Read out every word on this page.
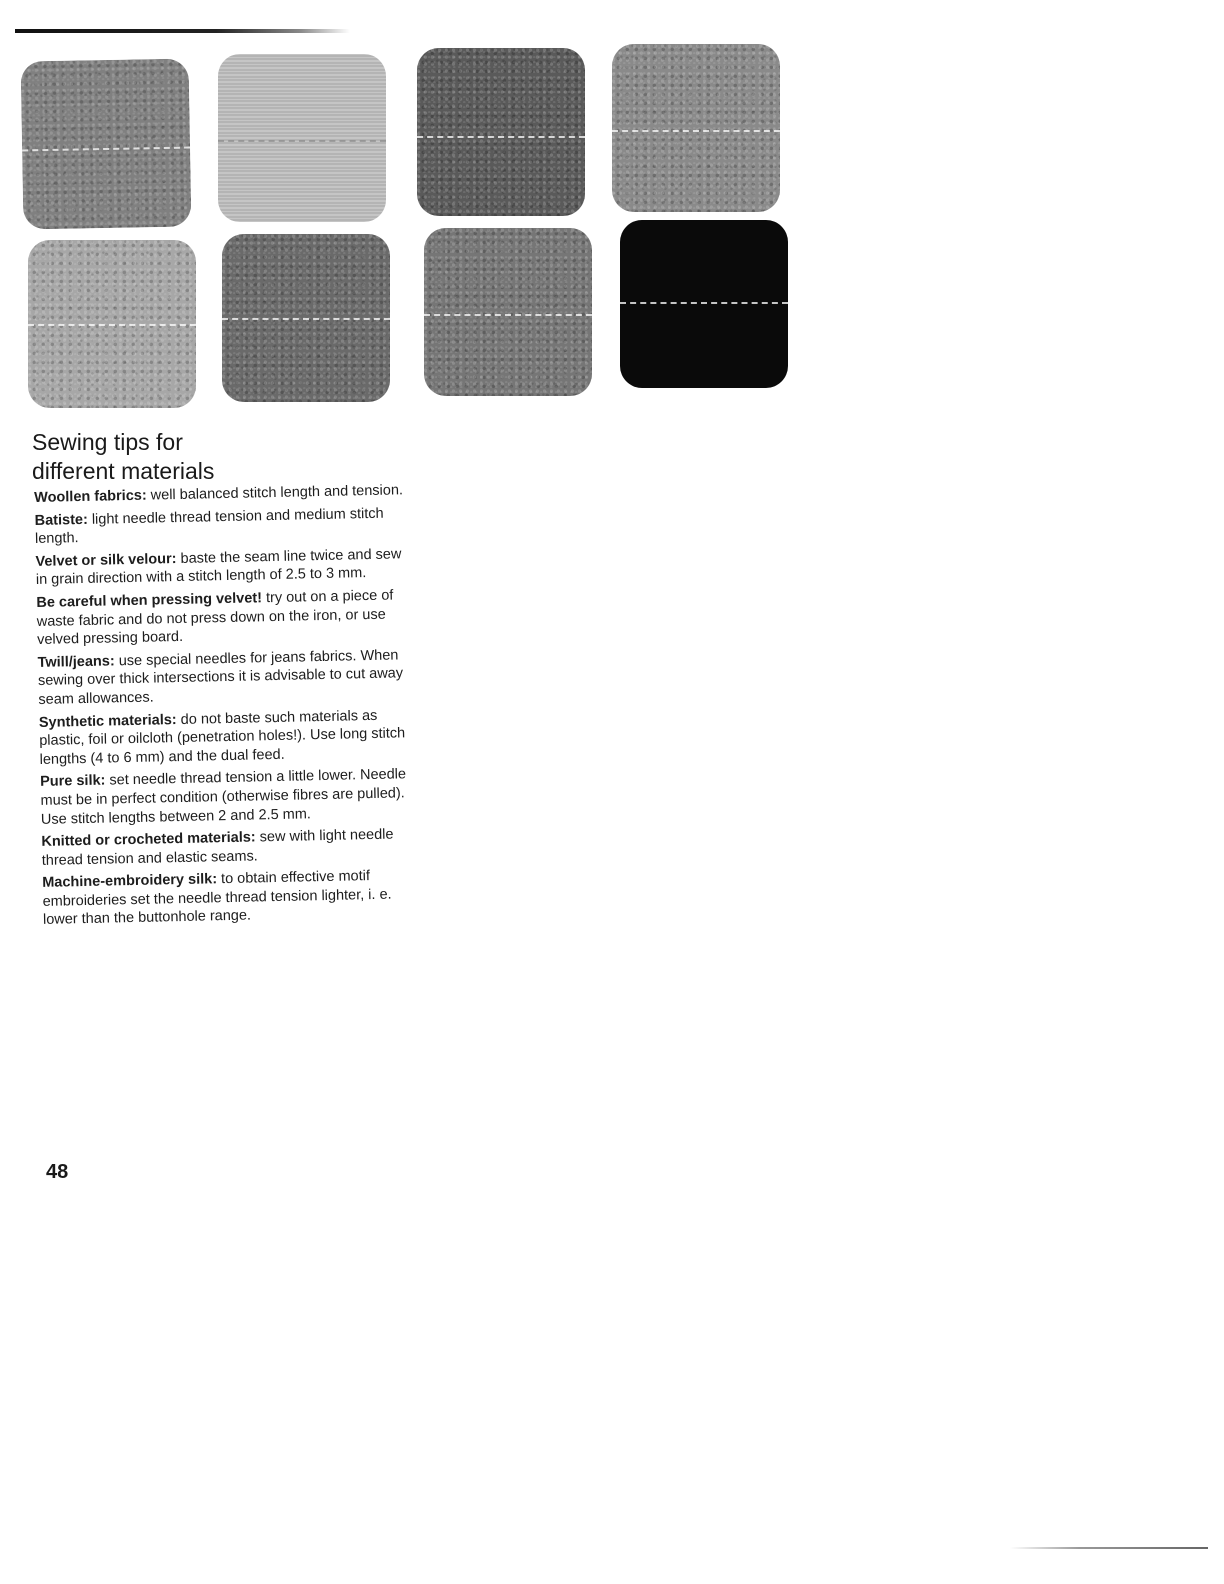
Sewing tips for
different materials

Woollen fabrics: well balanced stitch length and tension.

Batiste: light needle thread tension and medium stitch length.

Velvet or silk velour: baste the seam line twice and sew in grain direction with a stitch length of 2.5 to 3 mm.

Be careful when pressing velvet! try out on a piece of waste fabric and do not press down on the iron, or use velved pressing board.

Twill/jeans: use special needles for jeans fabrics. When sewing over thick intersections it is advisable to cut away seam allowances.

Synthetic materials: do not baste such materials as plastic, foil or oilcloth (penetration holes!). Use long stitch lengths (4 to 6 mm) and the dual feed.

Pure silk: set needle thread tension a little lower. Needle must be in perfect condition (otherwise fibres are pulled). Use stitch lengths between 2 and 2.5 mm.

Knitted or crocheted materials: sew with light needle thread tension and elastic seams.

Machine-embroidery silk: to obtain effective motif embroideries set the needle thread tension lighter, i. e. lower than the buttonhole range.

48
